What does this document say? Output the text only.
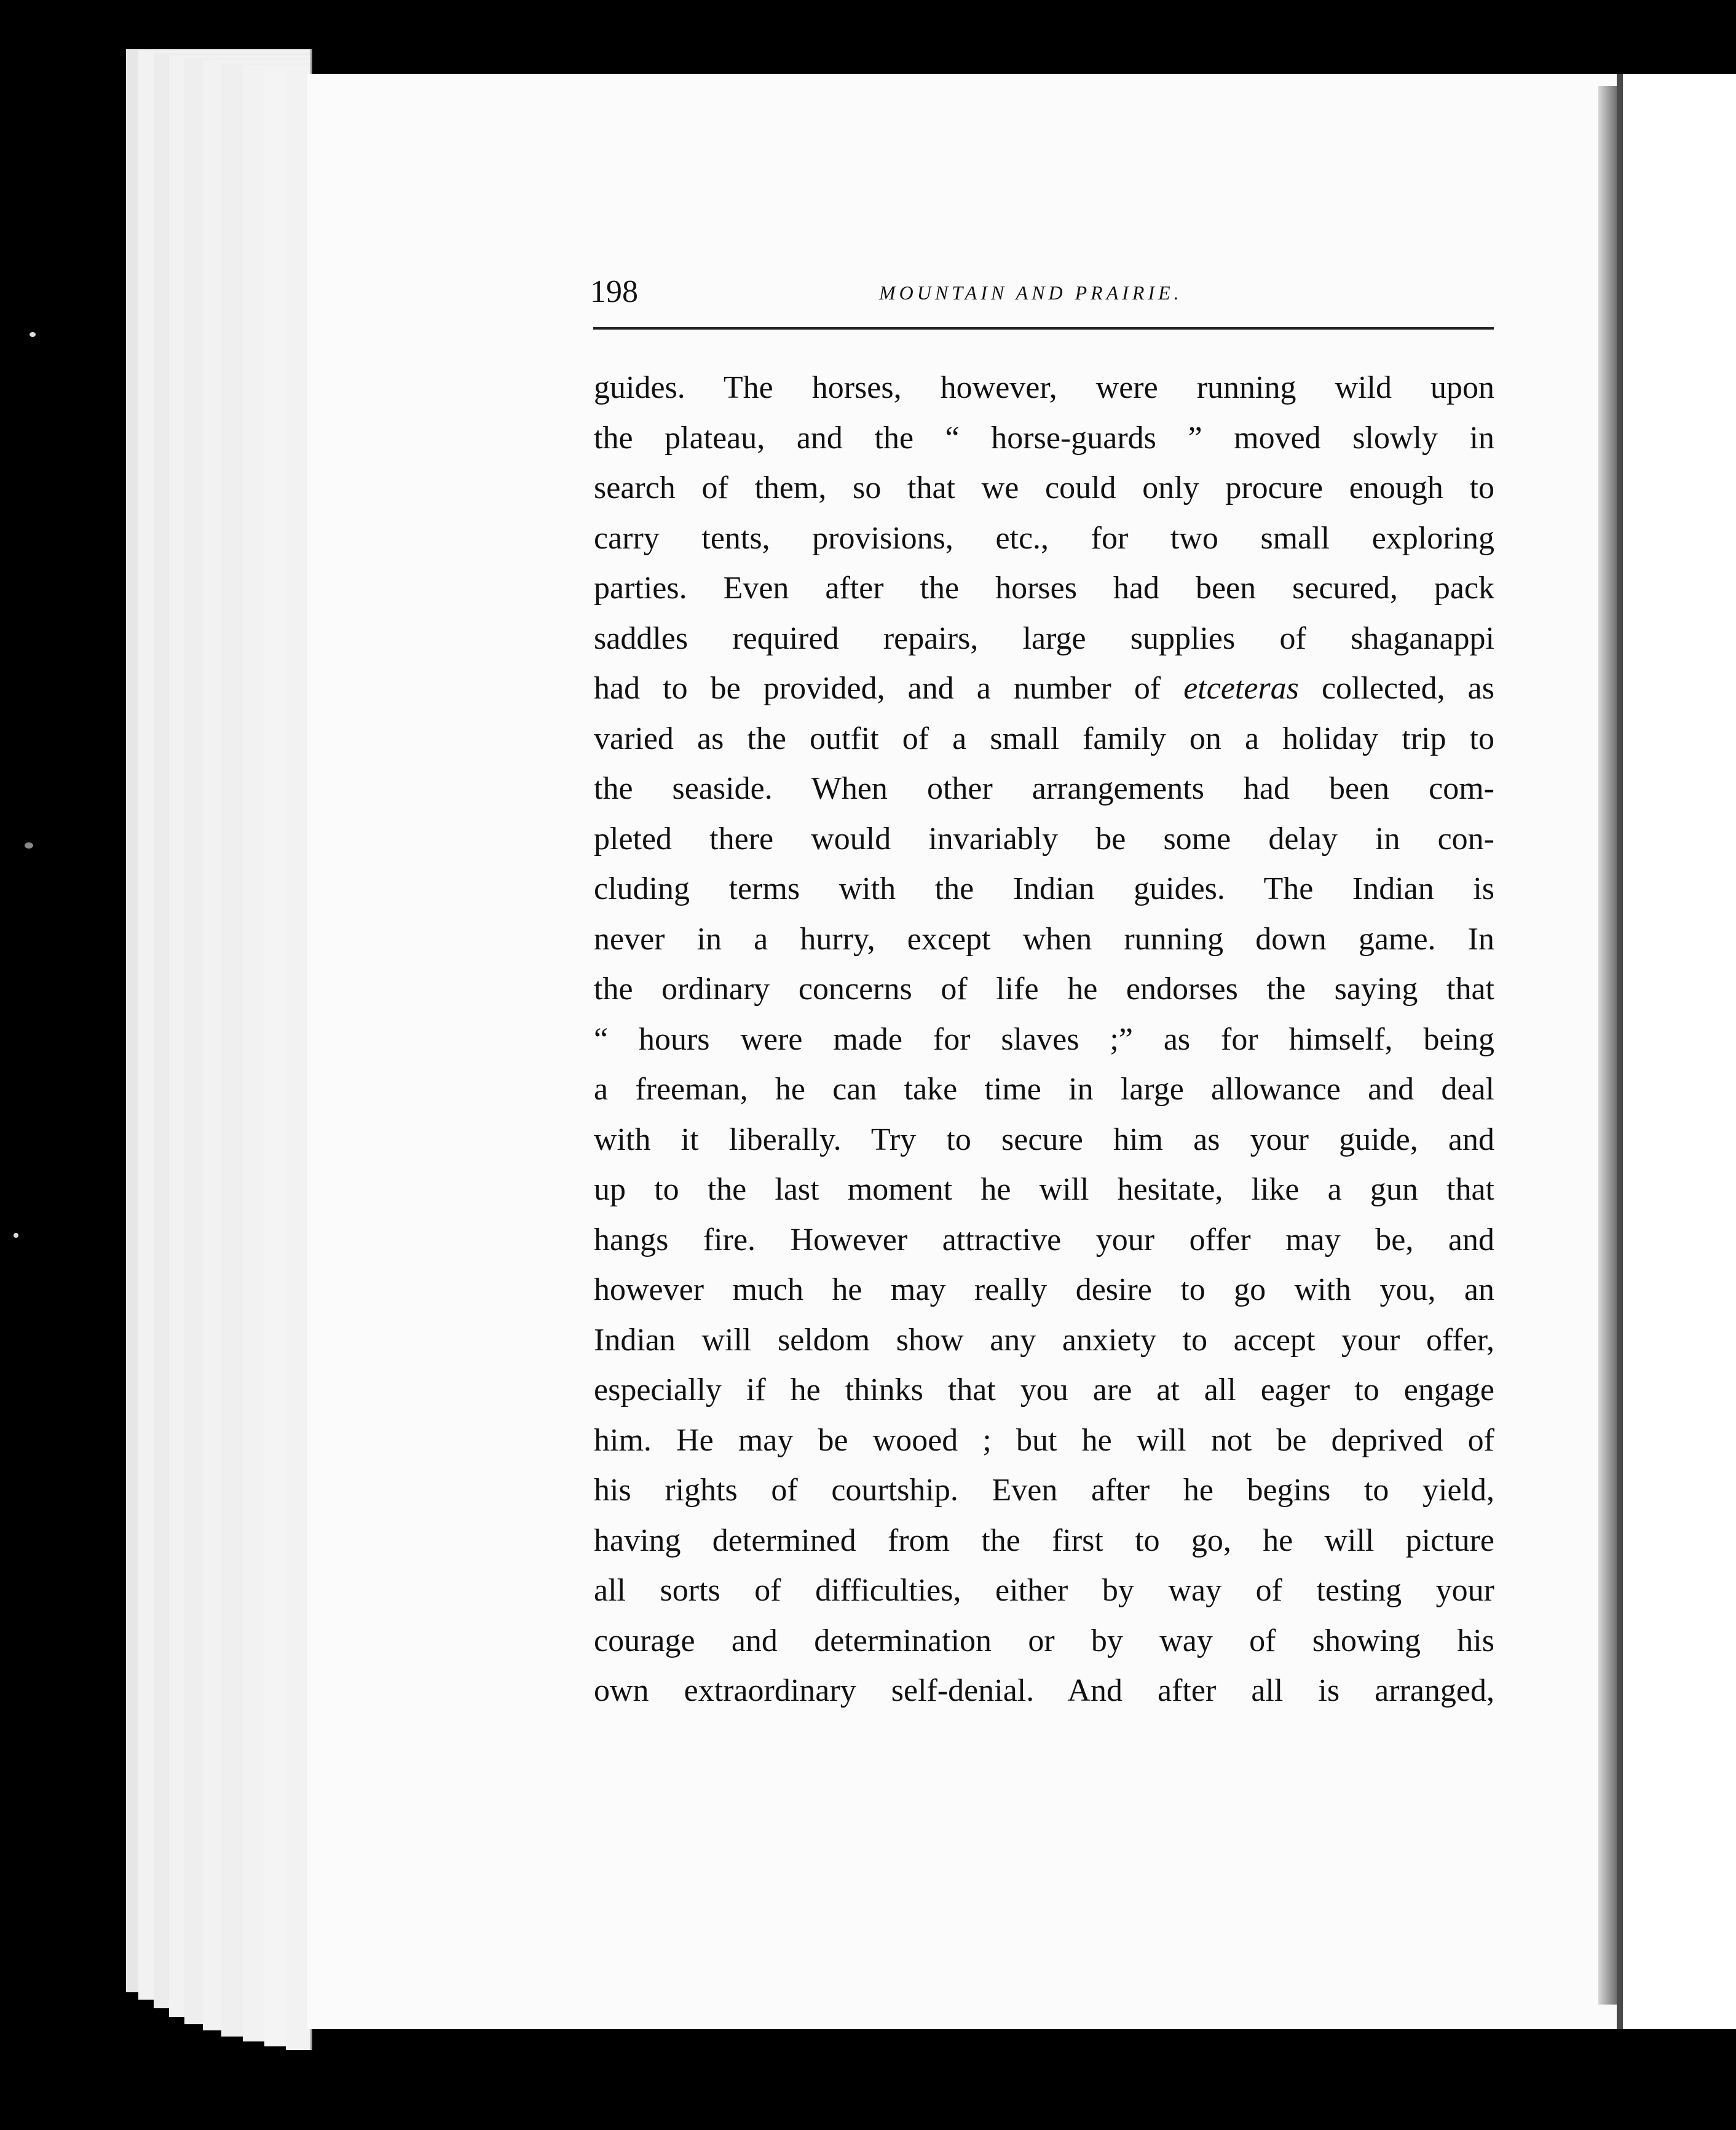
198	MOUNTAIN AND PRAIRIE.
guides. The horses, however, were running wild upon
the plateau, and the “ horse-guards ” moved slowly in
search of them, so that we could only procure enough to
carry tents, provisions, etc., for two small exploring
parties. Even after the horses had been secured, pack
saddles required repairs, large supplies of shaganappi
had to be provided, and a number of etceteras collected, as
varied as the outfit of a small family on a holiday trip to
the seaside. When other arrangements had been com-
pleted there would invariably be some delay in con-
cluding terms with the Indian guides. The Indian is
never in a hurry, except when running down game. In
the ordinary concerns of life he endorses the saying that
“ hours were made for slaves ;” as for himself, being
a freeman, he can take time in large allowance and deal
with it liberally. Try to secure him as your guide, and
up to the last moment he will hesitate, like a gun that
hangs fire. However attractive your offer may be, and
however much he may really desire to go with you, an
Indian will seldom show any anxiety to accept your offer,
especially if he thinks that you are at all eager to engage
him. He may be wooed ; but he will not be deprived of
his rights of courtship. Even after he begins to yield,
having determined from the first to go, he will picture
all sorts of difficulties, either by way of testing your
courage and determination or by way of showing his
own extraordinary self-denial. And after all is arranged,
